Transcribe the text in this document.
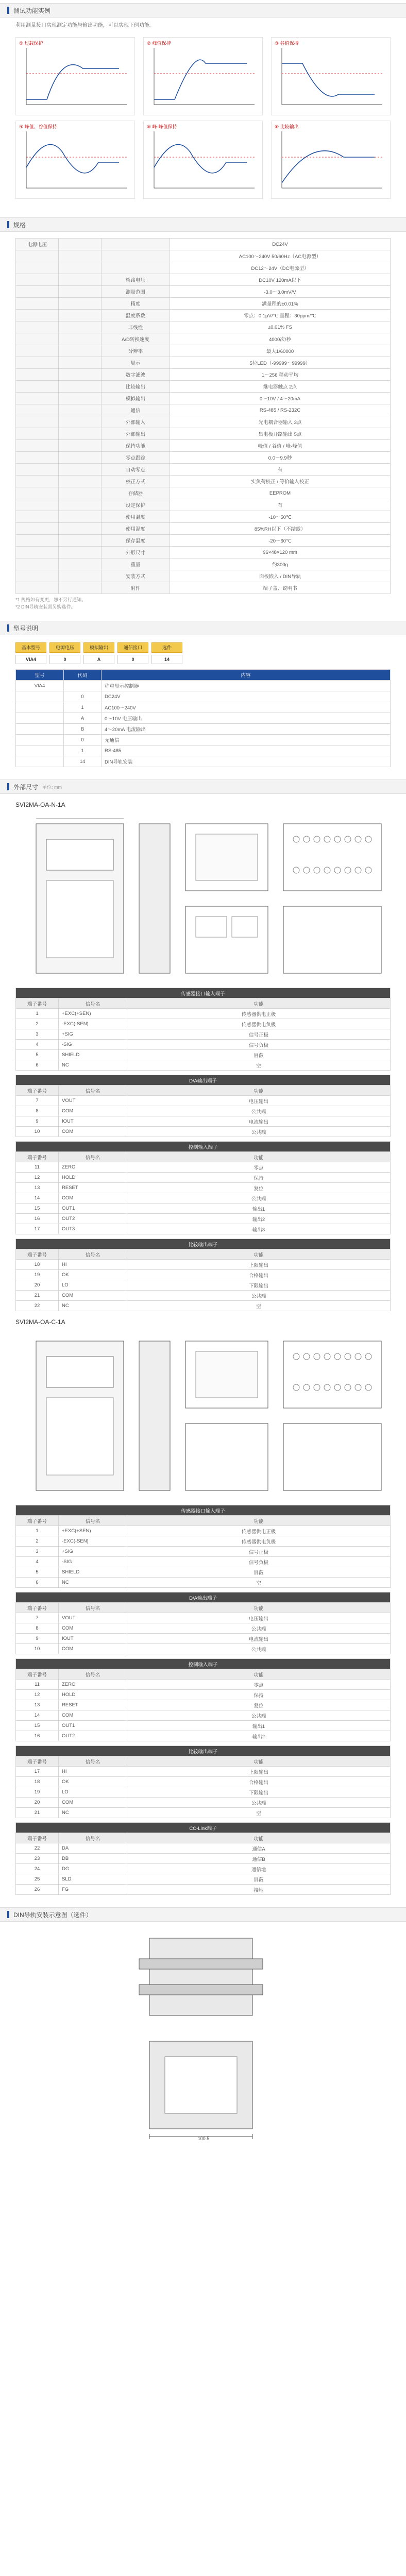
测试功能实例
利用测量接口实现测定功能与输出功能，可以实现下例功能。
① 过载保护	② 峰值保持	③ 谷值保持
④ 峰值、谷值保持	⑤ 峰-峰值保持	⑥ 比较输出
规格
电源电压			DC24V
			AC100～240V 50/60Hz（AC电源型）
			DC12～24V（DC电源型）
		桥路电压	DC10V 120mA以下
		测量范围	-3.0～3.0mV/V
		精度	满量程的±0.01%
		温度系数	零点：0.1μV/℃ 量程：30ppm/℃
		非线性	±0.01% FS
		A/D转换速度	4000次/秒
		分辨率	最大1/60000
		显示	5位LED（-99999～99999）
		数字滤波	1～256 移动平均
		比较输出	继电器触点 2点
		模拟输出	0～10V / 4～20mA
		通信	RS-485 / RS-232C
		外部输入	光电耦合器输入 3点
		外部输出	集电极开路输出 5点
		保持功能	峰值 / 谷值 / 峰-峰值
		零点跟踪	0.0～9.9秒
		自动零点	有
		校正方式	实负荷校正 / 等价输入校正
		存储器	EEPROM
		设定保护	有
		使用温度	-10～50℃
		使用湿度	85%RH以下（不结露）
		保存温度	-20～60℃
		外形尺寸	96×48×120 mm
		重量	约300g
		安装方式	面板嵌入 / DIN导轨
		附件	端子盖、说明书
*1 规格如有变更，恕不另行通知。
*2 DIN导轨安装需另购选件。
型号说明
基本型号
VIA4
电源电压
0
模拟输出
A
通信接口
0
选件
14
型号	代码	内容
VIA4		称重显示控制器
	0	DC24V
	1	AC100～240V
	A	0～10V 电压输出
	B	4～20mA 电流输出
	0	无通信
	1	RS-485
	14	DIN导轨安装
外部尺寸 单位: mm
SVI2MA-OA-N-1A
传感器接口输入端子		
端子番号	信号名	功能
1	+EXC(+SEN)	传感器供电正极
2	-EXC(-SEN)	传感器供电负极
3	+SIG	信号正极
4	-SIG	信号负极
5	SHIELD	屏蔽
6	NC	空
D/A输出端子		
端子番号	信号名	功能
7	VOUT	电压输出
8	COM	公共端
9	IOUT	电流输出
10	COM	公共端
控制输入端子		
端子番号	信号名	功能
11	ZERO	零点
12	HOLD	保持
13	RESET	复位
14	COM	公共端
15	OUT1	输出1
16	OUT2	输出2
17	OUT3	输出3
比较输出端子		
端子番号	信号名	功能
18	HI	上限输出
19	OK	合格输出
20	LO	下限输出
21	COM	公共端
22	NC	空
SVI2MA-OA-C-1A
传感器接口输入端子		
端子番号	信号名	功能
1	+EXC(+SEN)	传感器供电正极
2	-EXC(-SEN)	传感器供电负极
3	+SIG	信号正极
4	-SIG	信号负极
5	SHIELD	屏蔽
6	NC	空
D/A输出端子		
端子番号	信号名	功能
7	VOUT	电压输出
8	COM	公共端
9	IOUT	电流输出
10	COM	公共端
控制输入端子		
端子番号	信号名	功能
11	ZERO	零点
12	HOLD	保持
13	RESET	复位
14	COM	公共端
15	OUT1	输出1
16	OUT2	输出2
比较输出端子		
端子番号	信号名	功能
17	HI	上限输出
18	OK	合格输出
19	LO	下限输出
20	COM	公共端
21	NC	空
CC-Link端子		
端子番号	信号名	功能
22	DA	通信A
23	DB	通信B
24	DG	通信地
25	SLD	屏蔽
26	FG	接地
DIN导轨安装示意图（选件）
100.5
